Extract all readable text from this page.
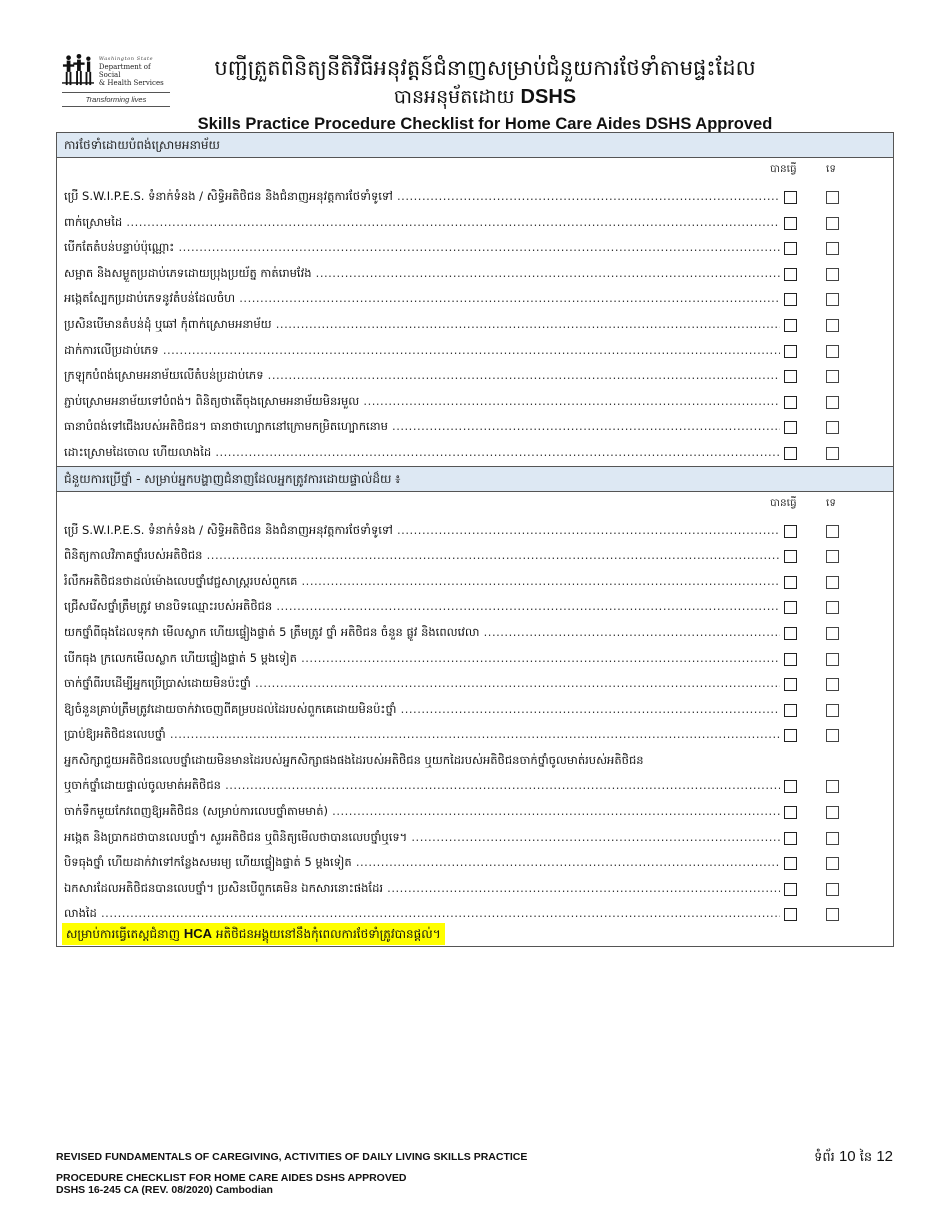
Washington State
Department of Social
& Health Services
Transforming lives
បញ្ជីត្រួតពិនិត្យនីតិវិធីអនុវត្តន៍ជំនាញសម្រាប់ជំនួយការថែទាំតាមផ្ទះដែល
បានអនុម័តដោយ DSHS
Skills Practice Procedure Checklist for Home Care Aides DSHS Approved
ការថែទាំដោយបំពង់ស្រោមអនាម័យ
បានធ្វើ	ទេ
ប្រើ S.W.I.P.E.S. ទំនាក់ទំនង / សិទ្ធិអតិថិជន និងជំនាញអនុវត្តការថែទាំទូទៅ .....
ពាក់ស្រោមដៃ .....
បើកតែតំបន់បន្ទាប់ប៉ុណ្ណោះ .....
សម្អាត និងសម្ងួតប្រដាប់ភេទដោយប្រុងប្រយ័ត្ន កាត់រោមវែង .....
អង្កេតស្បែកប្រដាប់ភេទនូវតំបន់ដែលចំហ .....
ប្រសិនបើមានតំបន់ដុំ ឬឆៅ កុំពាក់ស្រោមអនាម័យ .....
ដាក់ការលើប្រដាប់ភេទ .....
ក្រឡុកបំពង់ស្រោមអនាម័យលើតំបន់ប្រដាប់ភេទ .....
ភ្ជាប់ស្រោមអនាម័យទៅបំពង់។ ពិនិត្យថាតើចុងស្រោមអនាម័យមិនរមួល .....
ធានាបំពង់ទៅជើងរបស់អតិថិជន។ ធានាថាហ្បោកនៅក្រោមកម្រិតហ្បោកនោម .....
ដោះស្រោមដៃចោល ហើយលាងដៃ .....
ជំនួយការប្រើថ្នាំ - សម្រាប់អ្នកបង្ហាញជំនាញដែលអ្នកត្រូវការដោយផ្ទាល់ដ៏យ ៖
បានធ្វើ	ទេ
ប្រើ S.W.I.P.E.S. ទំនាក់ទំនង / សិទ្ធិអតិថិជន និងជំនាញអនុវត្តការថែទាំទូទៅ .....
ពិនិត្យកាលវិភាគថ្នាំរបស់អតិថិជន .....
រំលឹកអតិថិជនថាដល់ម៉ោងលេបថ្នាំវេជ្ជសាស្ត្ររបស់ពួកគេ .....
ជ្រើសរើសថ្នាំត្រឹមត្រូវ មានបិទឈ្មោះរបស់អតិថិជន .....
យកថ្នាំពីធុងដែលទុកវា មើលស្លាក ហើយផ្ទៀងផ្ទាត់ 5 ត្រឹមត្រូវ ថ្នាំ អតិថិជន ចំនួន ផ្លូវ និងពេលវេលា .....
បើកធុង ក្រលេកមើលស្លាក ហើយផ្ទៀងផ្ទាត់ 5 ម្តងទៀត .....
ចាក់ថ្នាំពីរបដើម្បីអ្នកប្រើប្រាស់ដោយមិនប៉ះថ្នាំ .....
ឱ្យចំនួនគ្រាប់ត្រឹមត្រូវដោយចាក់វាចេញពីគម្របដល់ដៃរបស់ពួកគេដោយមិនប៉ះថ្នាំ .....
ប្រាប់ឱ្យអតិថិជនលេបថ្នាំ .....
អ្នកសិក្សាជួយអតិថិជនលេបថ្នាំដោយមិនមានដៃរបស់អ្នកសិក្សាផងផងដៃរបស់អតិថិជន ឬយកដៃរបស់អតិថិជនចាក់ថ្នាំចូលមាត់របស់អតិថិជន
ឬចាក់ថ្នាំដោយផ្ទាល់ចូលមាត់អតិថិជន .....
ចាក់ទឹកមួយកែវពេញឱ្យអតិថិជន (សម្រាប់ការលេបថ្នាំតាមមាត់) .....
អង្កេត និងប្រាកដថាបានលេបថ្នាំ។ សួរអតិថិជន ឬពិនិត្យមើលថាបានលេបថ្នាំឬទេ។ .....
បិទធុងថ្នាំ ហើយដាក់វាទៅកន្លែងសមរម្យ ហើយផ្ទៀងផ្ទាត់ 5 ម្តងទៀត .....
ឯកសារដែលអតិថិជនបានលេបថ្នាំ។ ប្រសិនបើពួកគេមិន ឯកសារនោះផងដែរ .....
លាងដៃ .....
សម្រាប់ការធ្វើតេស្តជំនាញ HCA អតិថិជនអង្គុយនៅនឹងកុំពេលការថែទាំត្រូវបានផ្តល់។
REVISED FUNDAMENTALS OF CAREGIVING, ACTIVITIES OF DAILY LIVING SKILLS PRACTICE
PROCEDURE CHECKLIST FOR HOME CARE AIDES DSHS APPROVED
DSHS 16-245 CA (REV. 08/2020) Cambodian
ទំព័រ 10 នៃ 12
